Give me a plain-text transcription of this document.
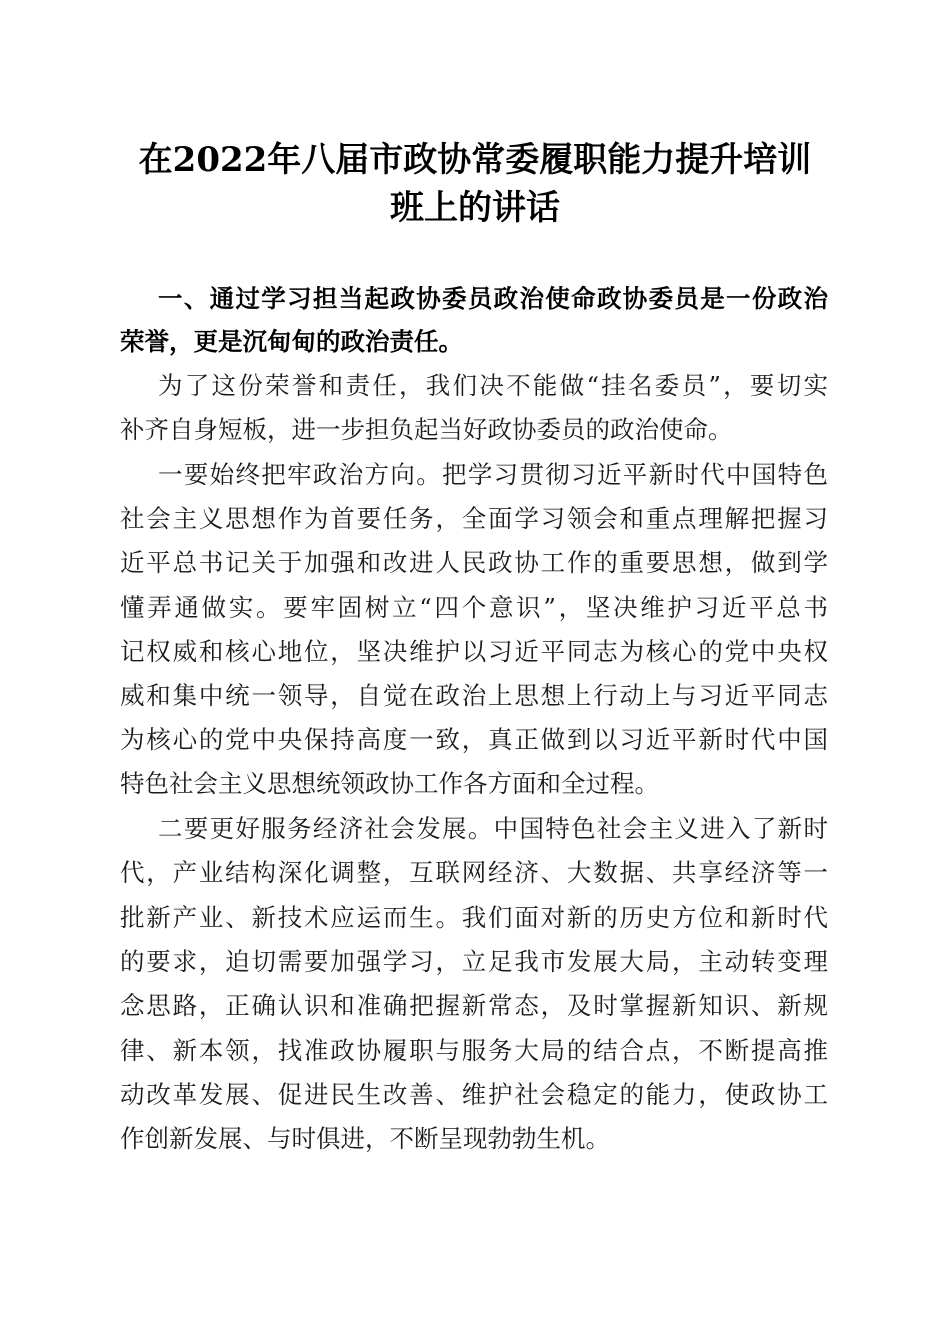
在2022年八届市政协常委履职能力提升培训
班上的讲话

一、通过学习担当起政协委员政治使命政协委员是一份政治

荣誉，更是沉甸甸的政治责任。

为了这份荣誉和责任，我们决不能做“挂名委员”，要切实

补齐自身短板，进一步担负起当好政协委员的政治使命。

一要始终把牢政治方向。把学习贯彻习近平新时代中国特色

社会主义思想作为首要任务，全面学习领会和重点理解把握习

近平总书记关于加强和改进人民政协工作的重要思想，做到学

懂弄通做实。要牢固树立“四个意识”，坚决维护习近平总书

记权威和核心地位，坚决维护以习近平同志为核心的党中央权

威和集中统一领导，自觉在政治上思想上行动上与习近平同志

为核心的党中央保持高度一致，真正做到以习近平新时代中国

特色社会主义思想统领政协工作各方面和全过程。

二要更好服务经济社会发展。中国特色社会主义进入了新时

代，产业结构深化调整，互联网经济、大数据、共享经济等一

批新产业、新技术应运而生。我们面对新的历史方位和新时代

的要求，迫切需要加强学习，立足我市发展大局，主动转变理

念思路，正确认识和准确把握新常态，及时掌握新知识、新规

律、新本领，找准政协履职与服务大局的结合点，不断提高推

动改革发展、促进民生改善、维护社会稳定的能力，使政协工

作创新发展、与时俱进，不断呈现勃勃生机。
